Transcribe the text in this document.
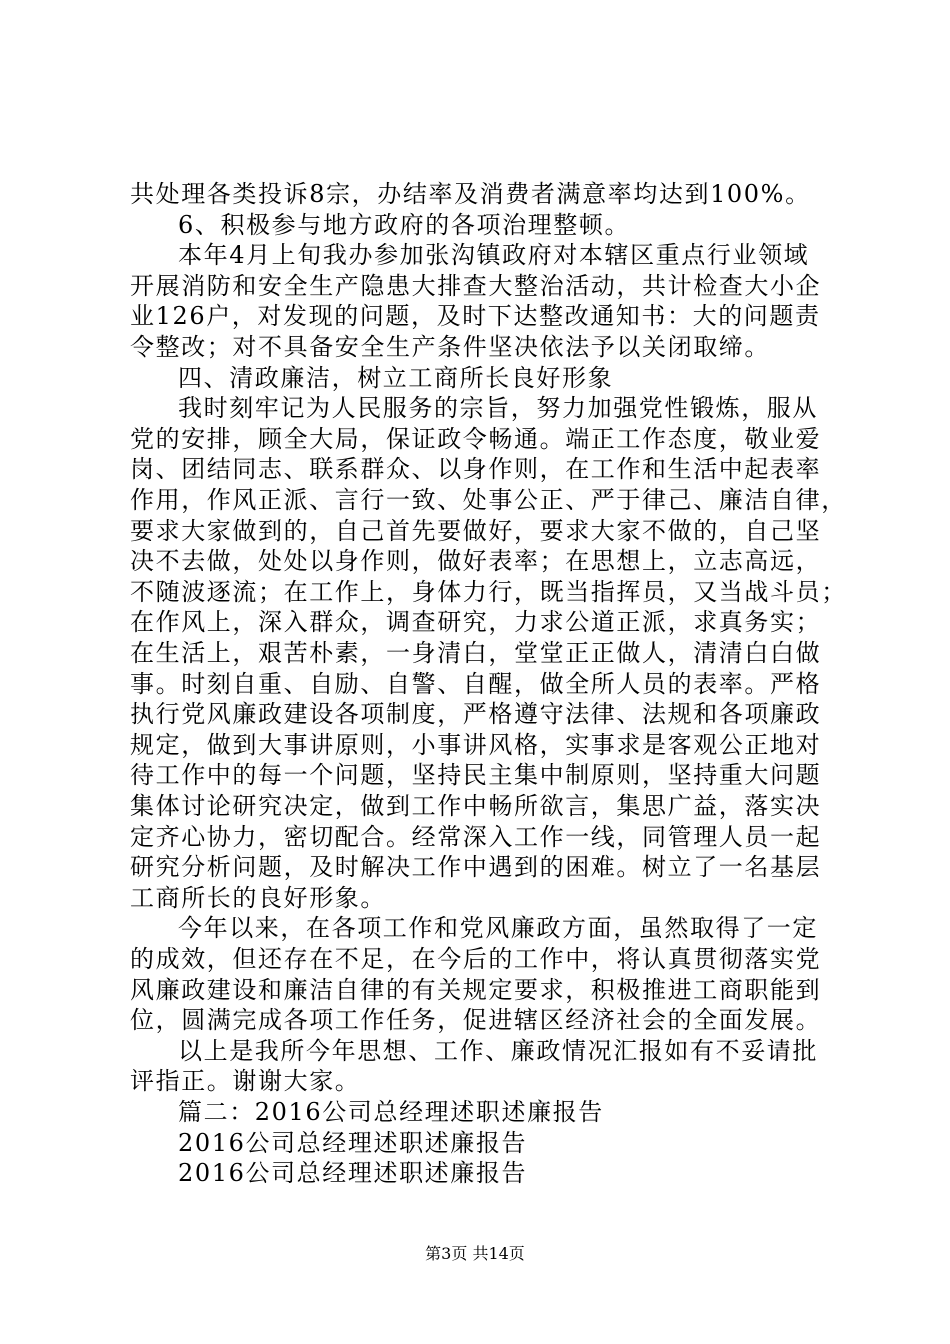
共处理各类投诉8宗，办结率及消费者满意率均达到100%。
6、积极参与地方政府的各项治理整顿。
本年4月上旬我办参加张沟镇政府对本辖区重点行业领域
开展消防和安全生产隐患大排查大整治活动，共计检查大小企
业126户，对发现的问题，及时下达整改通知书：大的问题责
令整改；对不具备安全生产条件坚决依法予以关闭取缔。
四、清政廉洁，树立工商所长良好形象
我时刻牢记为人民服务的宗旨，努力加强党性锻炼，服从
党的安排，顾全大局，保证政令畅通。端正工作态度，敬业爱
岗、团结同志、联系群众、以身作则，在工作和生活中起表率
作用，作风正派、言行一致、处事公正、严于律己、廉洁自律，
要求大家做到的，自己首先要做好，要求大家不做的，自己坚
决不去做，处处以身作则，做好表率；在思想上，立志高远，
不随波逐流；在工作上，身体力行，既当指挥员，又当战斗员；
在作风上，深入群众，调查研究，力求公道正派，求真务实；
在生活上，艰苦朴素，一身清白，堂堂正正做人，清清白白做
事。时刻自重、自励、自警、自醒，做全所人员的表率。严格
执行党风廉政建设各项制度，严格遵守法律、法规和各项廉政
规定，做到大事讲原则，小事讲风格，实事求是客观公正地对
待工作中的每一个问题，坚持民主集中制原则，坚持重大问题
集体讨论研究决定，做到工作中畅所欲言，集思广益，落实决
定齐心协力，密切配合。经常深入工作一线，同管理人员一起
研究分析问题，及时解决工作中遇到的困难。树立了一名基层
工商所长的良好形象。
今年以来，在各项工作和党风廉政方面，虽然取得了一定
的成效，但还存在不足，在今后的工作中，将认真贯彻落实党
风廉政建设和廉洁自律的有关规定要求，积极推进工商职能到
位，圆满完成各项工作任务，促进辖区经济社会的全面发展。
以上是我所今年思想、工作、廉政情况汇报如有不妥请批
评指正。谢谢大家。
篇二：2016公司总经理述职述廉报告
2016公司总经理述职述廉报告
2016公司总经理述职述廉报告
第3页 共14页
